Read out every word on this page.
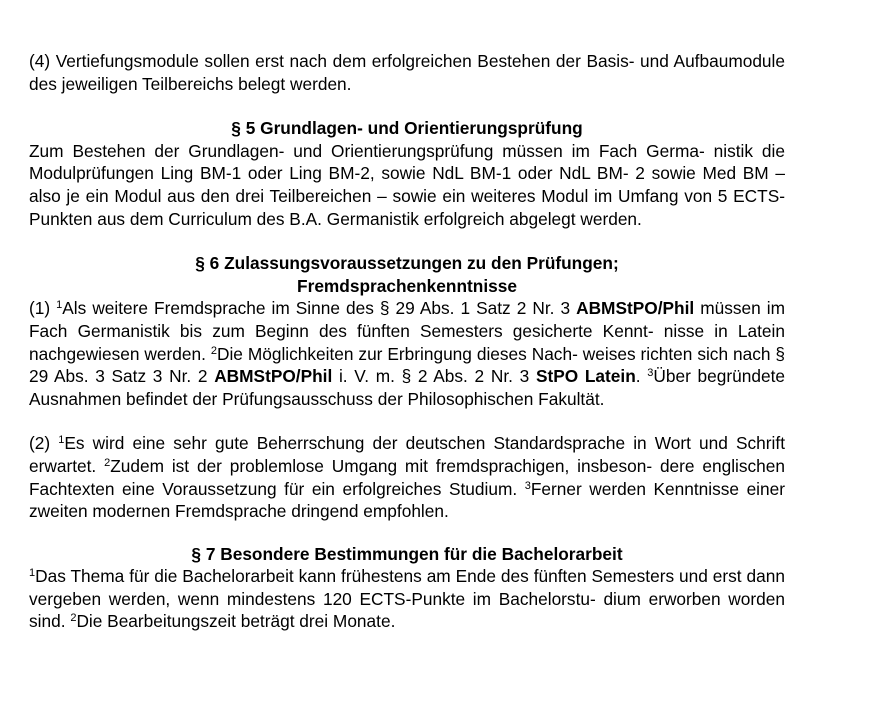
(4) Vertiefungsmodule sollen erst nach dem erfolgreichen Bestehen der Basis- und Aufbaumodule des jeweiligen Teilbereichs belegt werden.

§ 5 Grundlagen- und Orientierungsprüfung

Zum Bestehen der Grundlagen- und Orientierungsprüfung müssen im Fach Germa- nistik die Modulprüfungen Ling BM-1 oder Ling BM-2, sowie NdL BM-1 oder NdL BM- 2 sowie Med BM – also je ein Modul aus den drei Teilbereichen – sowie ein weiteres Modul im Umfang von 5 ECTS-Punkten aus dem Curriculum des B.A. Germanistik erfolgreich abgelegt werden.

§ 6 Zulassungsvoraussetzungen zu den Prüfungen;
Fremdsprachenkenntnisse

(1) $^1$Als weitere Fremdsprache im Sinne des § 29 Abs. 1 Satz 2 Nr. 3 ABMStPO/Phil müssen im Fach Germanistik bis zum Beginn des fünften Semesters gesicherte Kennt- nisse in Latein nachgewiesen werden. $^2$Die Möglichkeiten zur Erbringung dieses Nach- weises richten sich nach § 29 Abs. 3 Satz 3 Nr. 2 ABMStPO/Phil i. V. m. § 2 Abs. 2 Nr. 3 StPO Latein. $^3$Über begründete Ausnahmen befindet der Prüfungsausschuss der Philosophischen Fakultät.

(2) $^1$Es wird eine sehr gute Beherrschung der deutschen Standardsprache in Wort und Schrift erwartet. $^2$Zudem ist der problemlose Umgang mit fremdsprachigen, insbeson- dere englischen Fachtexten eine Voraussetzung für ein erfolgreiches Studium. $^3$Ferner werden Kenntnisse einer zweiten modernen Fremdsprache dringend empfohlen.

§ 7 Besondere Bestimmungen für die Bachelorarbeit

$^1$Das Thema für die Bachelorarbeit kann frühestens am Ende des fünften Semesters und erst dann vergeben werden, wenn mindestens 120 ECTS-Punkte im Bachelorstu- dium erworben worden sind. $^2$Die Bearbeitungszeit beträgt drei Monate.
